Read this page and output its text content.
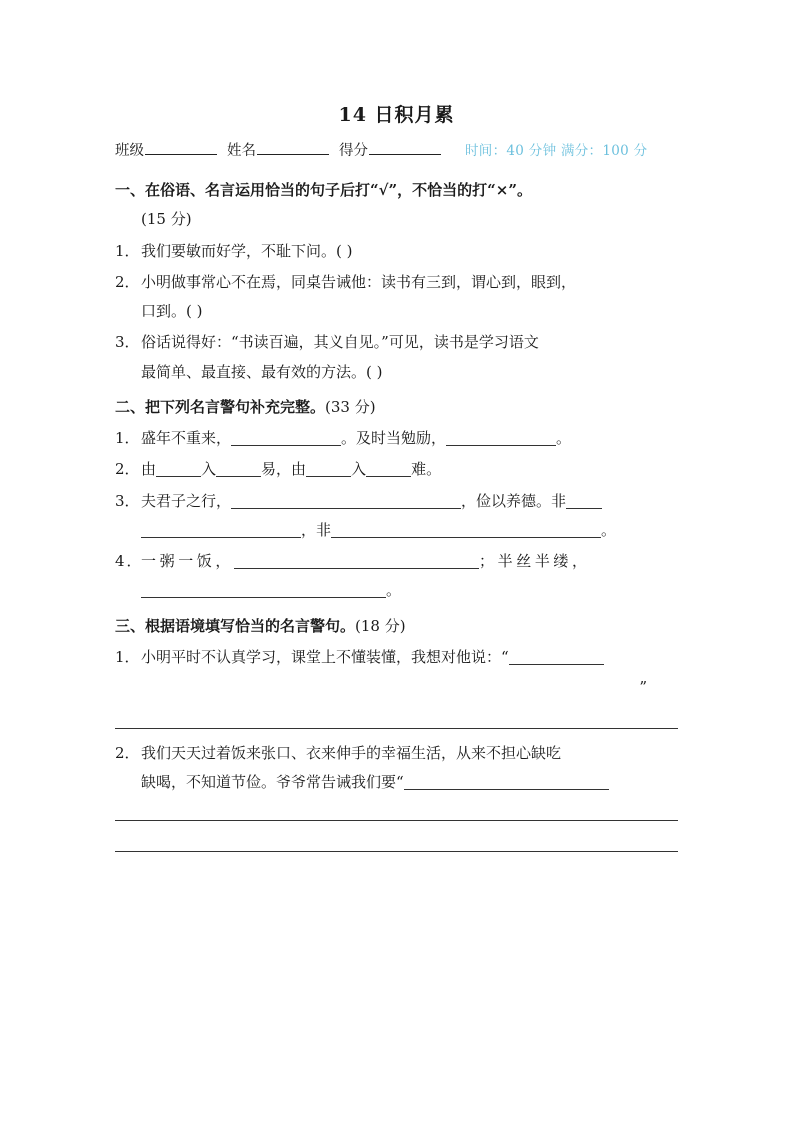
14 日积月累
班级	姓名	得分	时间：40 分钟 满分：100 分
一、在俗语、名言运用恰当的句子后打“√”，不恰当的打“×”。
(15 分)
1．我们要敏而好学，不耻下问。( )
2．小明做事常心不在焉，同桌告诫他：读书有三到，谓心到，眼到，
口到。( )
3．俗话说得好：“书读百遍，其义自见。”可见，读书是学习语文
最简单、最直接、最有效的方法。( )
二、把下列名言警句补充完整。(33 分)
1．盛年不重来，	。及时当勉励，	。
2．由	入	易，由	入	难。
3．夫君子之行，	，俭以养德。非
，非	。
4．一粥一饭，	；半丝半缕，
。
三、根据语境填写恰当的名言警句。(18 分)
1．小明平时不认真学习，课堂上不懂装懂，我想对他说：“
”
2．我们天天过着饭来张口、衣来伸手的幸福生活，从来不担心缺吃
缺喝，不知道节俭。爷爷常告诫我们要“
